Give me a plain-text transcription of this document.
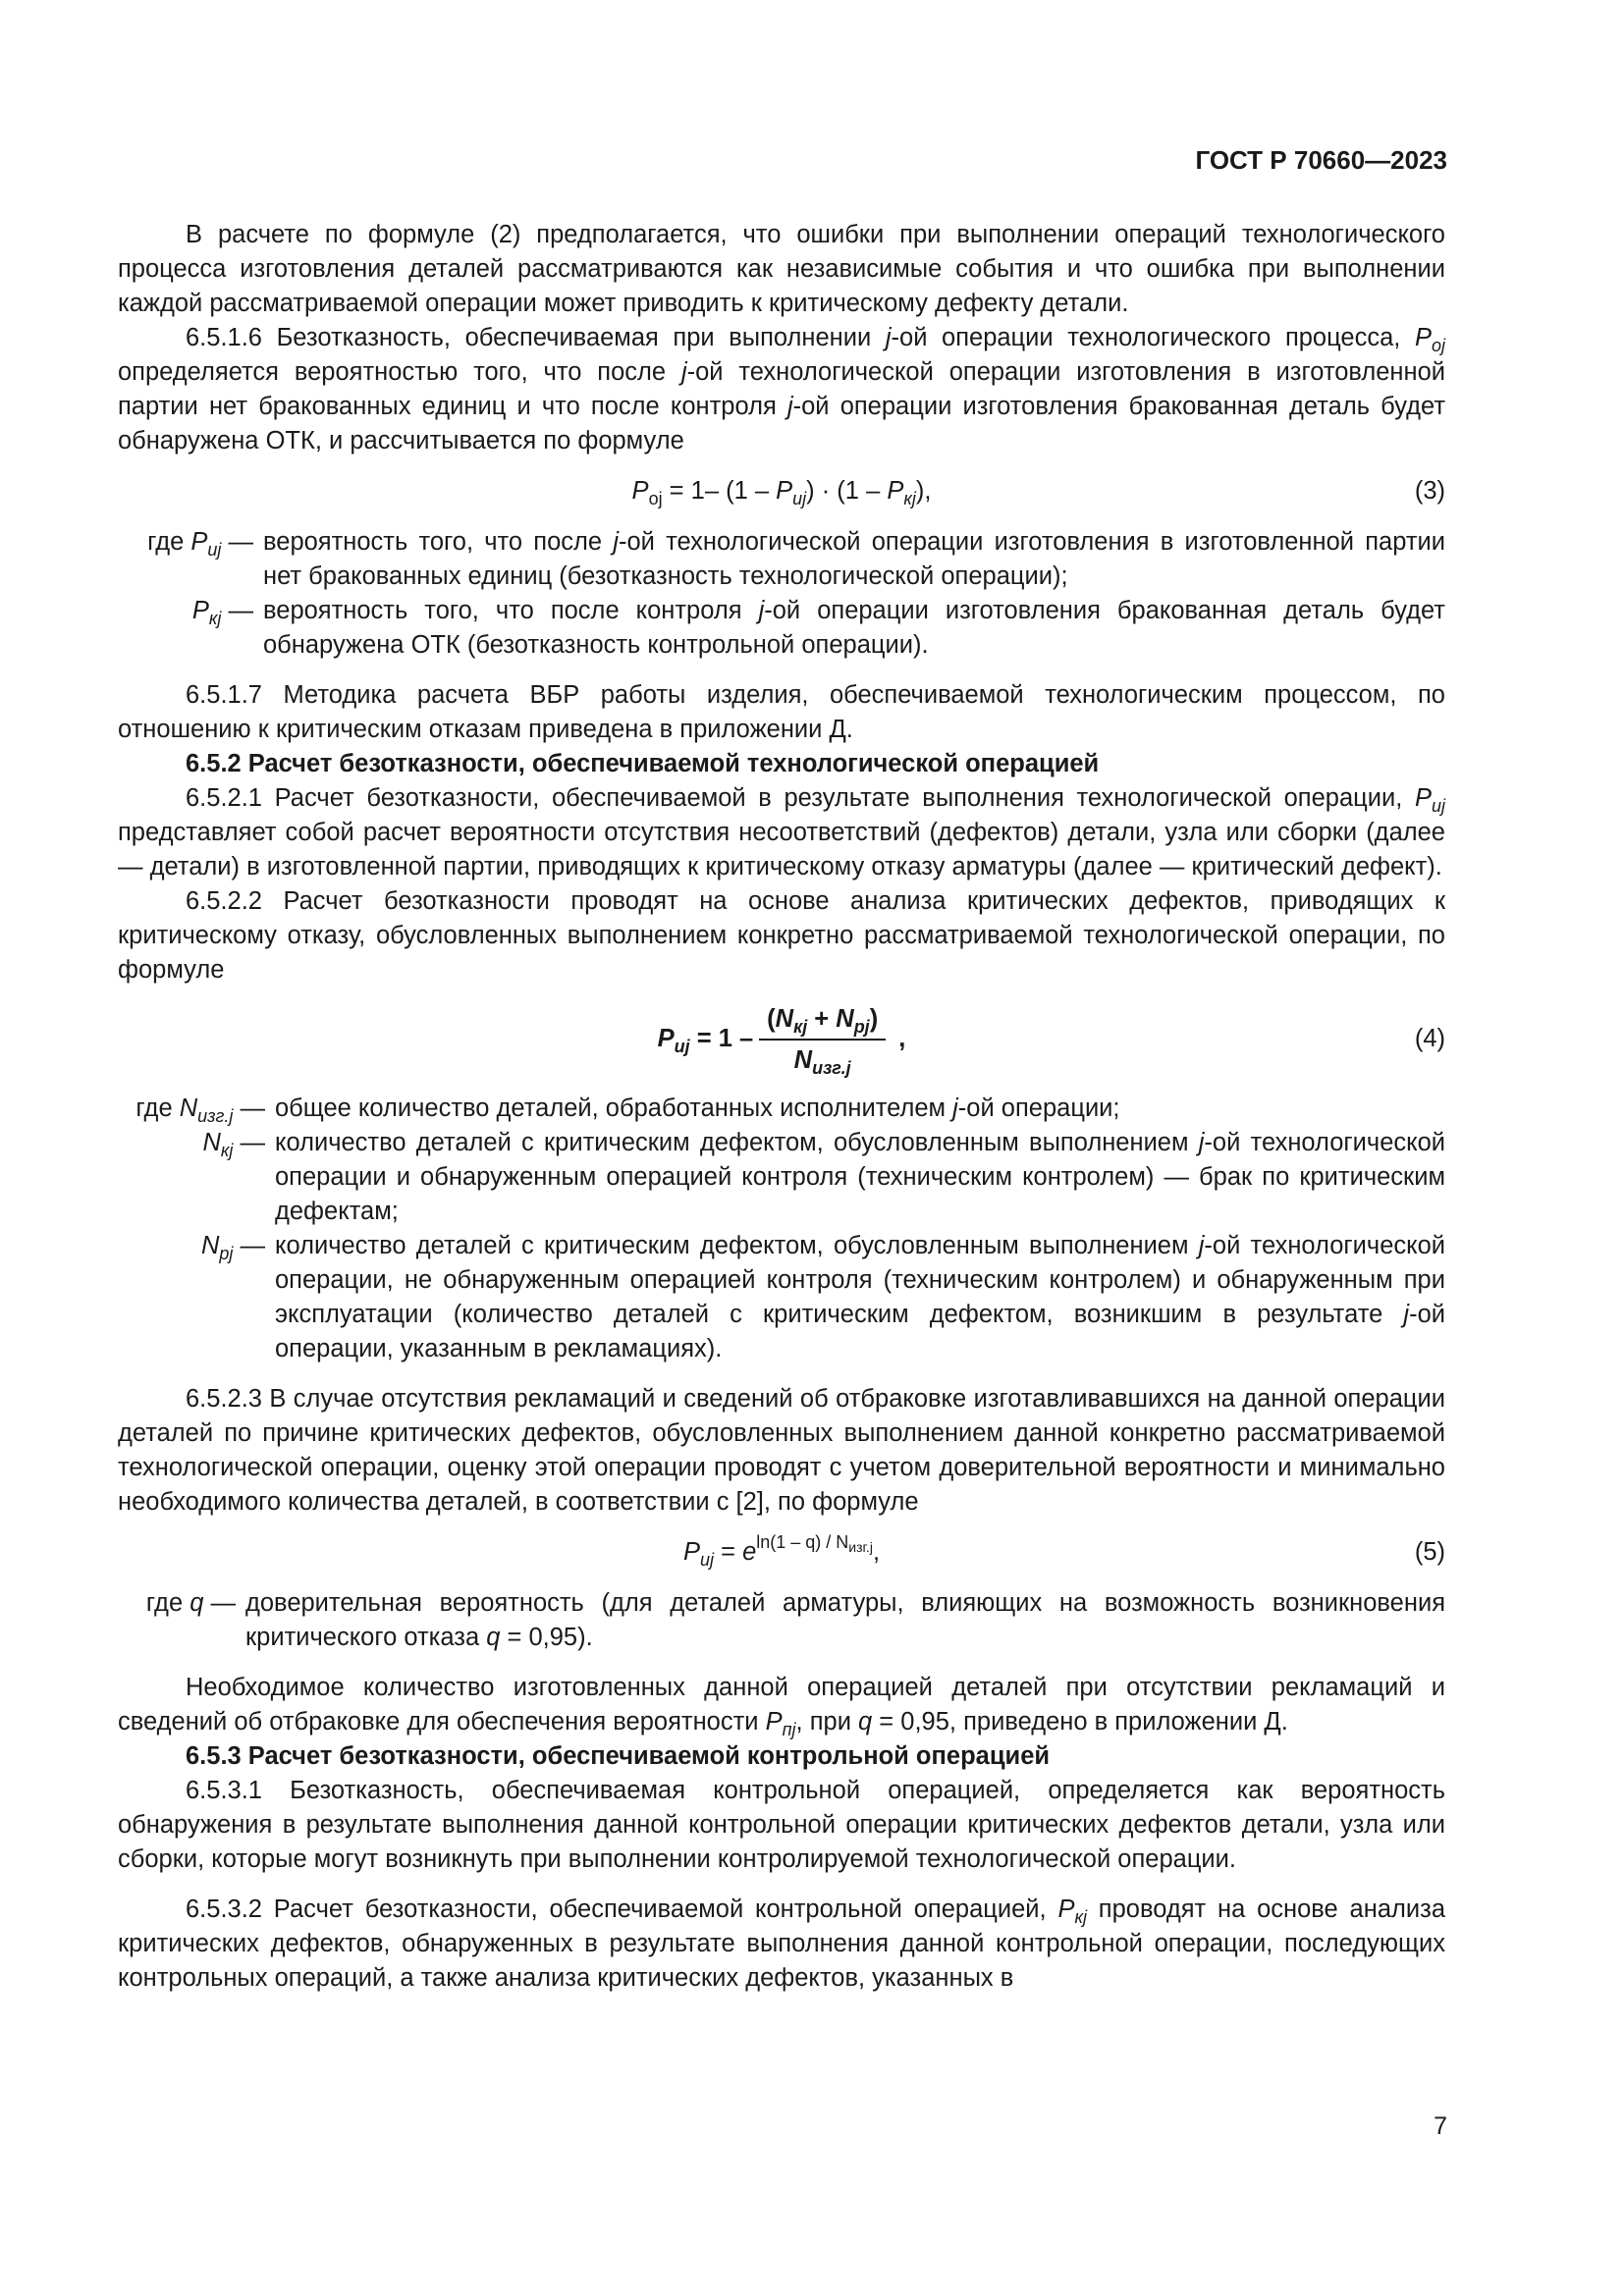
ГОСТ Р 70660—2023

В расчете по формуле (2) предполагается, что ошибки при выполнении операций технологического процесса изготовления деталей рассматриваются как независимые события и что ошибка при выполнении каждой рассматриваемой операции может приводить к критическому дефекту детали.

6.5.1.6 Безотказность, обеспечиваемая при выполнении j-ой операции технологического процесса, $P_{oj}$ определяется вероятностью того, что после j-ой технологической операции изготовления в изготовленной партии нет бракованных единиц и что после контроля j-ой операции изготовления бракованная деталь будет обнаружена ОТК, и рассчитывается по формуле

$P_{oj} = 1-$ $(1 - P_{иj}) \cdot (1 - P_{кj})$,	(3)
где $P_{иj}$ — вероятность того, что после j-ой технологической операции изготовления в изготовленной партии нет бракованных единиц (безотказность технологической операции);
$P_{кj}$ — вероятность того, что после контроля j-ой операции изготовления бракованная деталь будет обнаружена ОТК (безотказность контрольной операции).

6.5.1.7 Методика расчета ВБР работы изделия, обеспечиваемой технологическим процессом, по отношению к критическим отказам приведена в приложении Д.

6.5.2 Расчет безотказности, обеспечиваемой технологической операцией

6.5.2.1 Расчет безотказности, обеспечиваемой в результате выполнения технологической операции, $P_{иj}$ представляет собой расчет вероятности отсутствия несоответствий (дефектов) детали, узла или сборки (далее — детали) в изготовленной партии, приводящих к критическому отказу арматуры (далее — критический дефект).

6.5.2.2 Расчет безотказности проводят на основе анализа критических дефектов, приводящих к критическому отказу, обусловленных выполнением конкретно рассматриваемой технологической операции, по формуле

$P_{иj} = 1 - \frac{(N_{кj} + N_{pj})}{N_{изг.j}}$ ,	(4)
где $N_{изг.j}$ — общее количество деталей, обработанных исполнителем j-ой операции;
$N_{кj}$ — количество деталей с критическим дефектом, обусловленным выполнением j-ой технологической операции и обнаруженным операцией контроля (техническим контролем) — брак по критическим дефектам;
$N_{pj}$ — количество деталей с критическим дефектом, обусловленным выполнением j-ой технологической операции, не обнаруженным операцией контроля (техническим контролем) и обнаруженным при эксплуатации (количество деталей с критическим дефектом, возникшим в результате j-ой операции, указанным в рекламациях).

6.5.2.3 В случае отсутствия рекламаций и сведений об отбраковке изготавливавшихся на данной операции деталей по причине критических дефектов, обусловленных выполнением данной конкретно рассматриваемой технологической операции, оценку этой операции проводят с учетом доверительной вероятности и минимально необходимого количества деталей, в соответствии с [2], по формуле

$P_{иj} = e^{ln(1 - q) / N_{изг.j}}$,	(5)
где q — доверительная вероятность (для деталей арматуры, влияющих на возможность возникновения критического отказа q = 0,95).

Необходимое количество изготовленных данной операцией деталей при отсутствии рекламаций и сведений об отбраковке для обеспечения вероятности $P_{пj}$, при q = 0,95, приведено в приложении Д.

6.5.3 Расчет безотказности, обеспечиваемой контрольной операцией

6.5.3.1 Безотказность, обеспечиваемая контрольной операцией, определяется как вероятность обнаружения в результате выполнения данной контрольной операции критических дефектов детали, узла или сборки, которые могут возникнуть при выполнении контролируемой технологической операции.

6.5.3.2 Расчет безотказности, обеспечиваемой контрольной операцией, $P_{кj}$ проводят на основе анализа критических дефектов, обнаруженных в результате выполнения данной контрольной операции, последующих контрольных операций, а также анализа критических дефектов, указанных в

7
